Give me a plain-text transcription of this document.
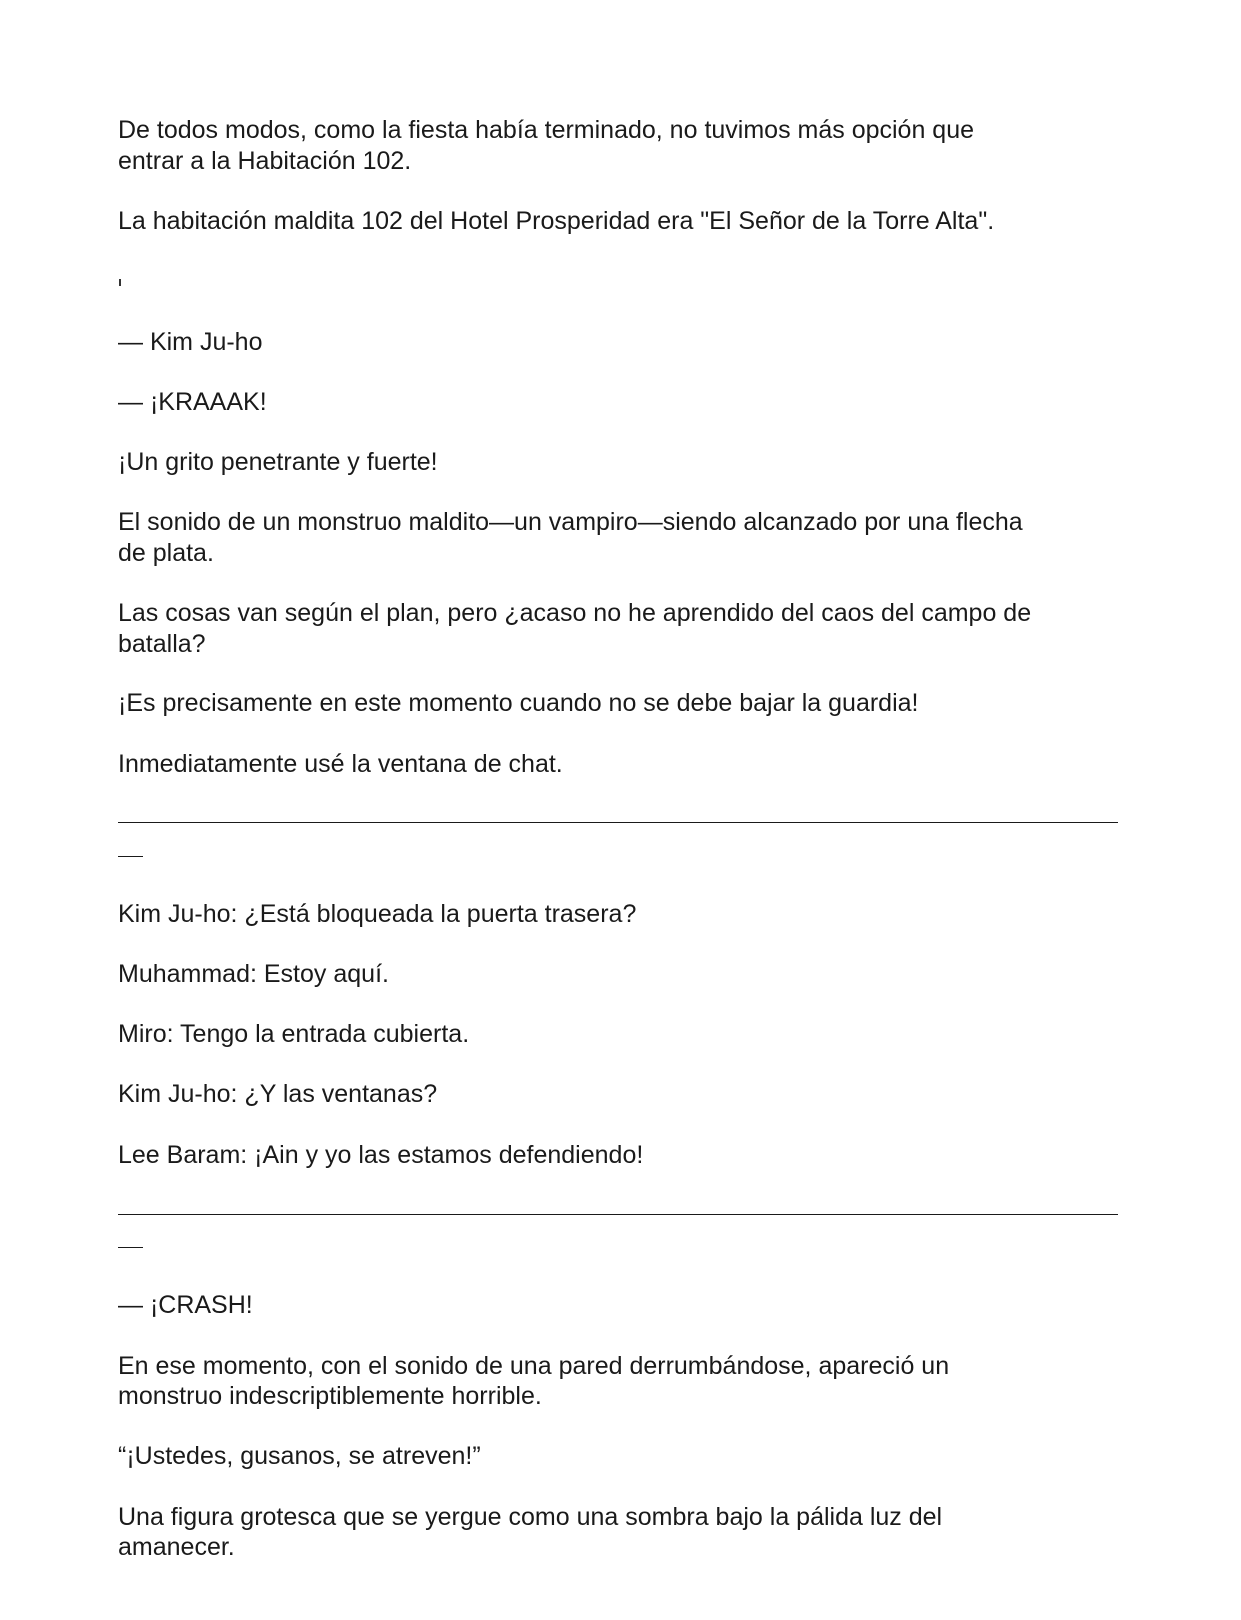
De todos modos, como la fiesta había terminado, no tuvimos más opción que

entrar a la Habitación 102.

La habitación maldita 102 del Hotel Prosperidad era "El Señor de la Torre Alta".

— Kim Ju-ho

— ¡KRAAAK!

¡Un grito penetrante y fuerte!

El sonido de un monstruo maldito—un vampiro—siendo alcanzado por una flecha

de plata.

Las cosas van según el plan, pero ¿acaso no he aprendido del caos del campo de

batalla?

¡Es precisamente en este momento cuando no se debe bajar la guardia!

Inmediatamente usé la ventana de chat.

Kim Ju-ho: ¿Está bloqueada la puerta trasera?

Muhammad: Estoy aquí.

Miro: Tengo la entrada cubierta.

Kim Ju-ho: ¿Y las ventanas?

Lee Baram: ¡Ain y yo las estamos defendiendo!

— ¡CRASH!

En ese momento, con el sonido de una pared derrumbándose, apareció un

monstruo indescriptiblemente horrible.

“¡Ustedes, gusanos, se atreven!”

Una figura grotesca que se yergue como una sombra bajo la pálida luz del

amanecer.
